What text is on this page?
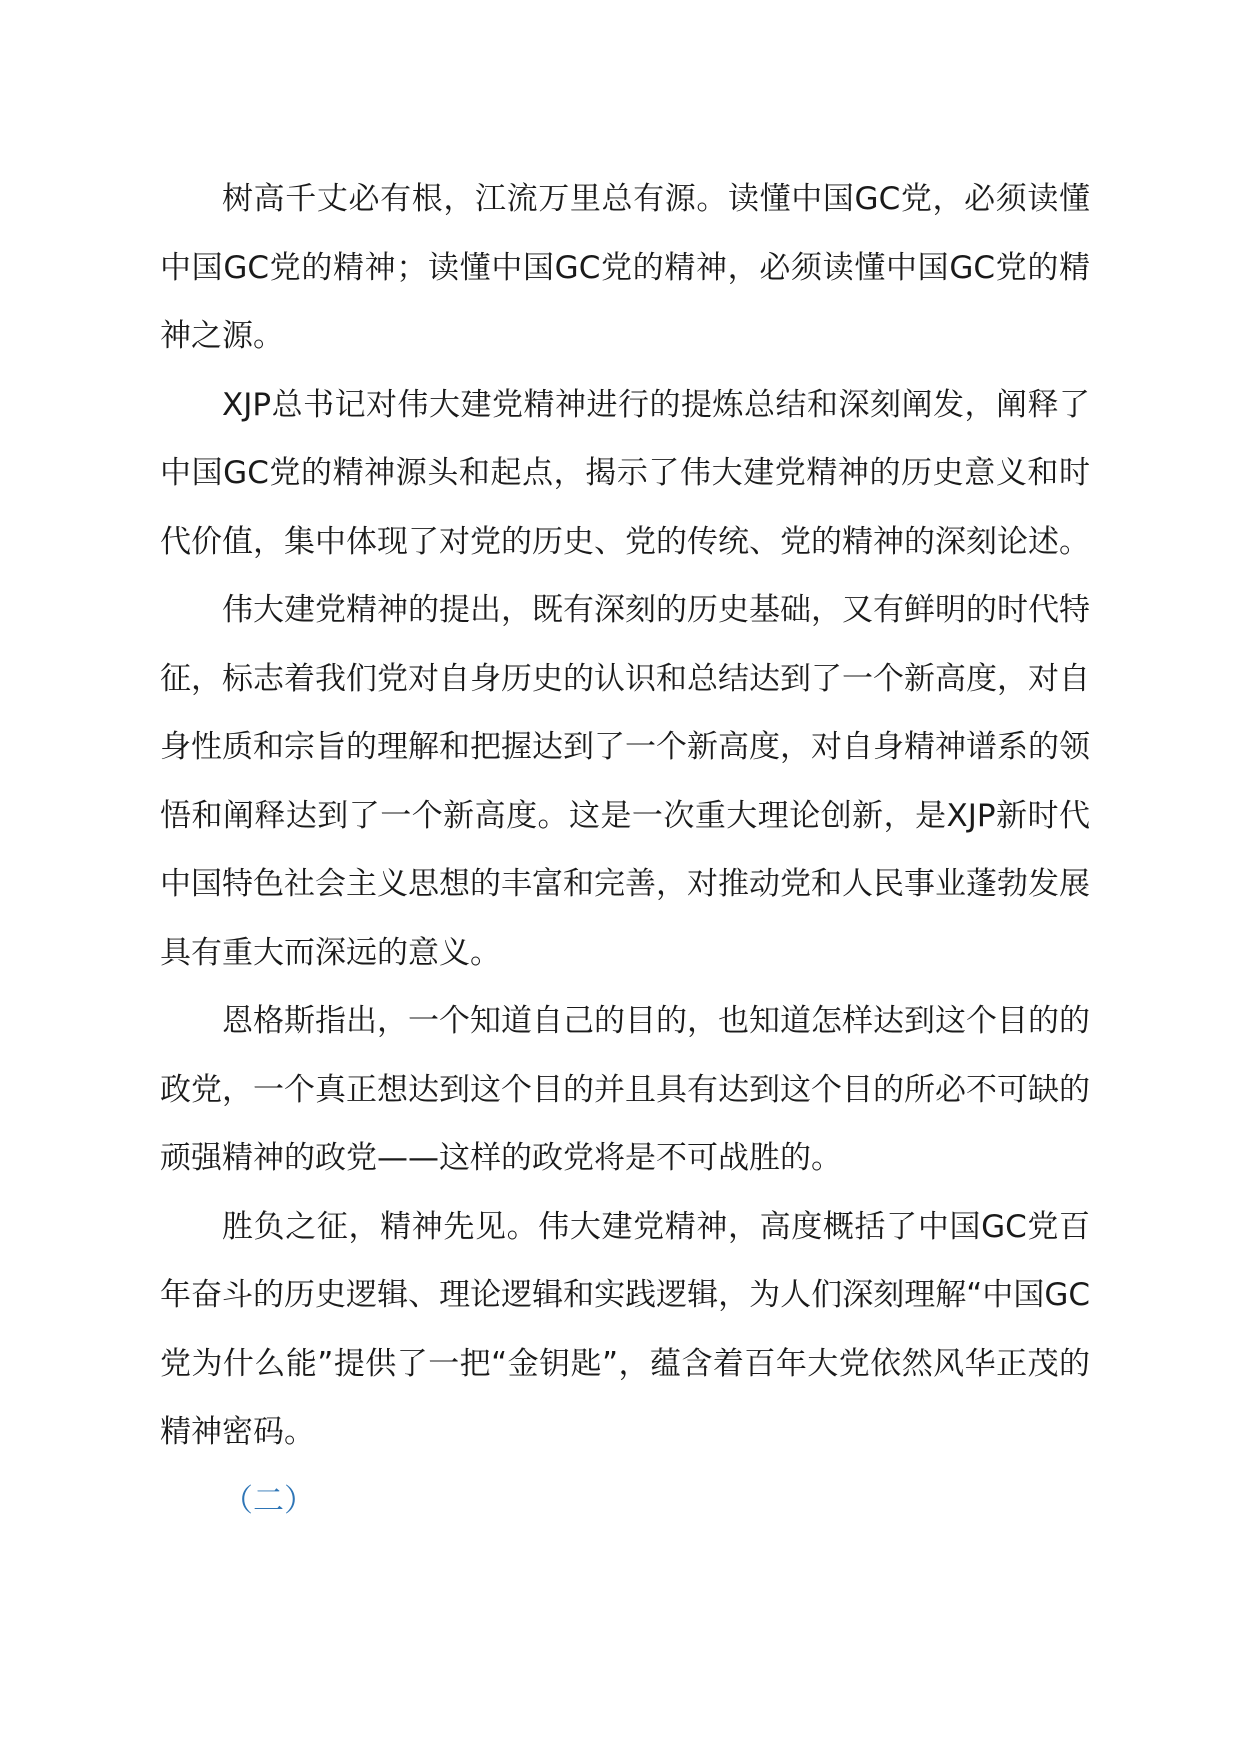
树高千丈必有根，江流万里总有源。读懂中国GC党，必须读懂中国GC党的精神；读懂中国GC党的精神，必须读懂中国GC党的精神之源。

XJP总书记对伟大建党精神进行的提炼总结和深刻阐发，阐释了中国GC党的精神源头和起点，揭示了伟大建党精神的历史意义和时代价值，集中体现了对党的历史、党的传统、党的精神的深刻论述。

伟大建党精神的提出，既有深刻的历史基础，又有鲜明的时代特征，标志着我们党对自身历史的认识和总结达到了一个新高度，对自身性质和宗旨的理解和把握达到了一个新高度，对自身精神谱系的领悟和阐释达到了一个新高度。这是一次重大理论创新，是XJP新时代中国特色社会主义思想的丰富和完善，对推动党和人民事业蓬勃发展具有重大而深远的意义。

恩格斯指出，一个知道自己的目的，也知道怎样达到这个目的的政党，一个真正想达到这个目的并且具有达到这个目的所必不可缺的顽强精神的政党——这样的政党将是不可战胜的。

胜负之征，精神先见。伟大建党精神，高度概括了中国GC党百年奋斗的历史逻辑、理论逻辑和实践逻辑，为人们深刻理解“中国GC党为什么能”提供了一把“金钥匙”，蕴含着百年大党依然风华正茂的精神密码。

（二）
